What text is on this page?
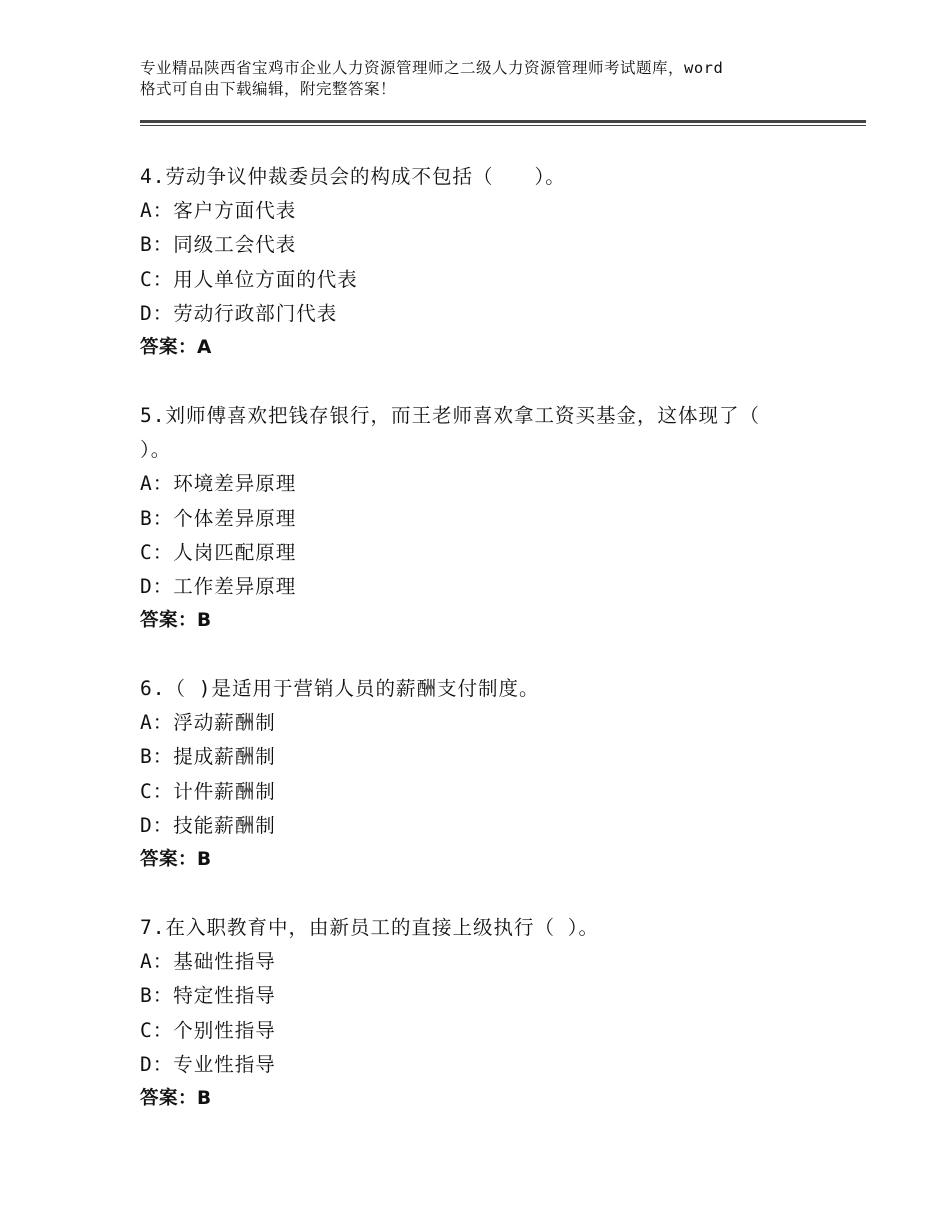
专业精品陕西省宝鸡市企业人力资源管理师之二级人力资源管理师考试题库，word
格式可自由下载编辑，附完整答案！
4.劳动争议仲裁委员会的构成不包括（　　）。
A：客户方面代表
B：同级工会代表
C：用人单位方面的代表
D：劳动行政部门代表
答案：A
5.刘师傅喜欢把钱存银行，而王老师喜欢拿工资买基金，这体现了（
）。
A：环境差异原理
B：个体差异原理
C：人岗匹配原理
D：工作差异原理
答案：B
6.（ )是适用于营销人员的薪酬支付制度。
A：浮动薪酬制
B：提成薪酬制
C：计件薪酬制
D：技能薪酬制
答案：B
7.在入职教育中，由新员工的直接上级执行（ ）。
A：基础性指导
B：特定性指导
C：个别性指导
D：专业性指导
答案：B
